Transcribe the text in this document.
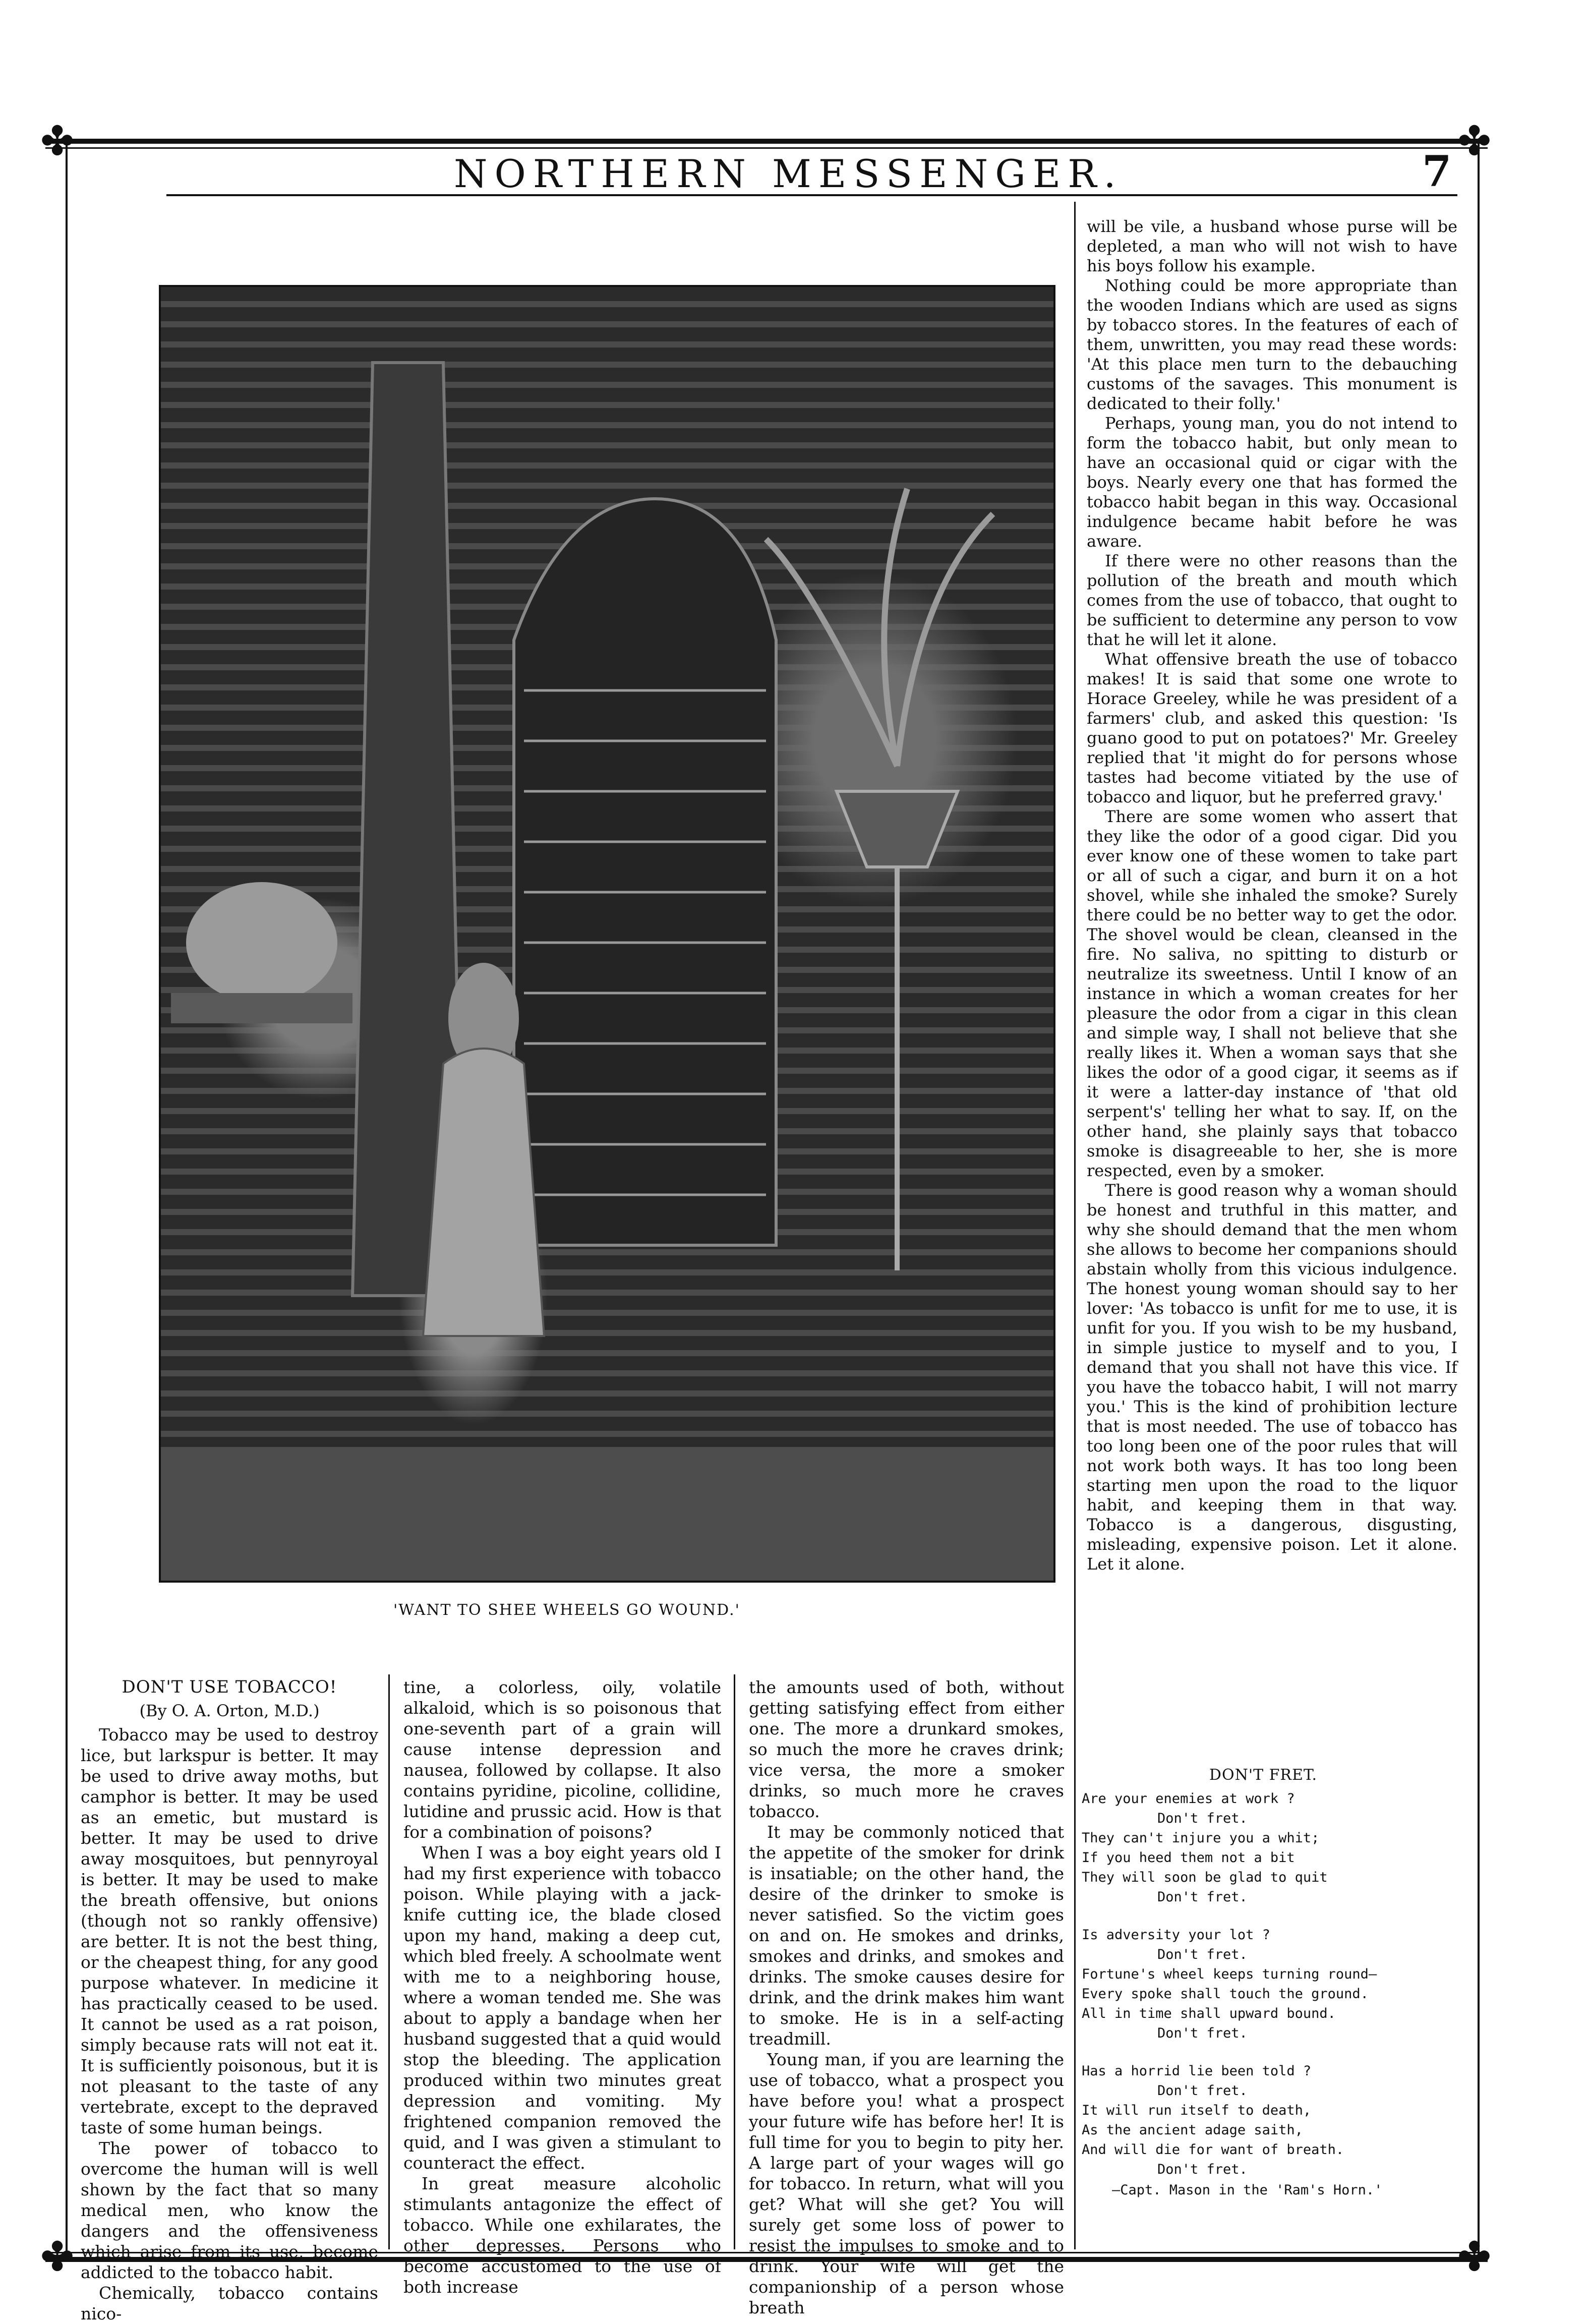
✤	✤
✤	✤
NORTHERN MESSENGER.	7
'WANT TO SHEE WHEELS GO WOUND.'
DON'T USE TOBACCO!
(By O. A. Orton, M.D.)

Tobacco may be used to destroy lice, but larkspur is better. It may be used to drive away moths, but camphor is better. It may be used as an emetic, but mustard is better. It may be used to drive away mosquitoes, but pennyroyal is better. It may be used to make the breath offensive, but onions (though not so rankly offensive) are better. It is not the best thing, or the cheapest thing, for any good purpose whatever. In medicine it has practically ceased to be used. It cannot be used as a rat poison, simply because rats will not eat it. It is sufficiently poisonous, but it is not pleasant to the taste of any vertebrate, except to the depraved taste of some human beings.

The power of tobacco to overcome the human will is well shown by the fact that so many medical men, who know the dangers and the offensiveness which arise from its use, become addicted to the tobacco habit.

Chemically, tobacco contains nico-

tine, a colorless, oily, volatile alkaloid, which is so poisonous that one-seventh part of a grain will cause intense depression and nausea, followed by collapse. It also contains pyridine, picoline, collidine, lutidine and prussic acid. How is that for a combination of poisons?

When I was a boy eight years old I had my first experience with tobacco poison. While playing with a jack-knife cutting ice, the blade closed upon my hand, making a deep cut, which bled freely. A schoolmate went with me to a neighboring house, where a woman tended me. She was about to apply a bandage when her husband suggested that a quid would stop the bleeding. The application produced within two minutes great depression and vomiting. My frightened companion removed the quid, and I was given a stimulant to counteract the effect.

In great measure alcoholic stimulants antagonize the effect of tobacco. While one exhilarates, the other depresses. Persons who become accustomed to the use of both increase

the amounts used of both, without getting satisfying effect from either one. The more a drunkard smokes, so much the more he craves drink; vice versa, the more a smoker drinks, so much more he craves tobacco.

It may be commonly noticed that the appetite of the smoker for drink is insatiable; on the other hand, the desire of the drinker to smoke is never satisfied. So the victim goes on and on. He smokes and drinks, smokes and drinks, and smokes and drinks. The smoke causes desire for drink, and the drink makes him want to smoke. He is in a self-acting treadmill.

Young man, if you are learning the use of tobacco, what a prospect you have before you! what a prospect your future wife has before her! It is full time for you to begin to pity her. A large part of your wages will go for tobacco. In return, what will you get? What will she get? You will surely get some loss of power to resist the impulses to smoke and to drink. Your wife will get the companionship of a person whose breath

will be vile, a husband whose purse will be depleted, a man who will not wish to have his boys follow his example.

Nothing could be more appropriate than the wooden Indians which are used as signs by tobacco stores. In the features of each of them, unwritten, you may read these words: 'At this place men turn to the debauching customs of the savages. This monument is dedicated to their folly.'

Perhaps, young man, you do not intend to form the tobacco habit, but only mean to have an occasional quid or cigar with the boys. Nearly every one that has formed the tobacco habit began in this way. Occasional indulgence became habit before he was aware.

If there were no other reasons than the pollution of the breath and mouth which comes from the use of tobacco, that ought to be sufficient to determine any person to vow that he will let it alone.

What offensive breath the use of tobacco makes! It is said that some one wrote to Horace Greeley, while he was president of a farmers' club, and asked this question: 'Is guano good to put on potatoes?' Mr. Greeley replied that 'it might do for persons whose tastes had become vitiated by the use of tobacco and liquor, but he preferred gravy.'

There are some women who assert that they like the odor of a good cigar. Did you ever know one of these women to take part or all of such a cigar, and burn it on a hot shovel, while she inhaled the smoke? Surely there could be no better way to get the odor. The shovel would be clean, cleansed in the fire. No saliva, no spitting to disturb or neutralize its sweetness. Until I know of an instance in which a woman creates for her pleasure the odor from a cigar in this clean and simple way, I shall not believe that she really likes it. When a woman says that she likes the odor of a good cigar, it seems as if it were a latter-day instance of 'that old serpent's' telling her what to say. If, on the other hand, she plainly says that tobacco smoke is disagreeable to her, she is more respected, even by a smoker.

There is good reason why a woman should be honest and truthful in this matter, and why she should demand that the men whom she allows to become her companions should abstain wholly from this vicious indulgence. The honest young woman should say to her lover: 'As tobacco is unfit for me to use, it is unfit for you. If you wish to be my husband, in simple justice to myself and to you, I demand that you shall not have this vice. If you have the tobacco habit, I will not marry you.' This is the kind of prohibition lecture that is most needed. The use of tobacco has too long been one of the poor rules that will not work both ways. It has too long been starting men upon the road to the liquor habit, and keeping them in that way. Tobacco is a dangerous, disgusting, misleading, expensive poison. Let it alone. Let it alone.

DON'T FRET.
Are your enemies at work ?
Don't fret.
They can't injure you a whit;
If you heed them not a bit
They will soon be glad to quit
Don't fret.
Is adversity your lot ?
Don't fret.
Fortune's wheel keeps turning round—
Every spoke shall touch the ground.
All in time shall upward bound.
Don't fret.
Has a horrid lie been told ?
Don't fret.
It will run itself to death,
As the ancient adage saith,
And will die for want of breath.
Don't fret.
—Capt. Mason in the 'Ram's Horn.'
